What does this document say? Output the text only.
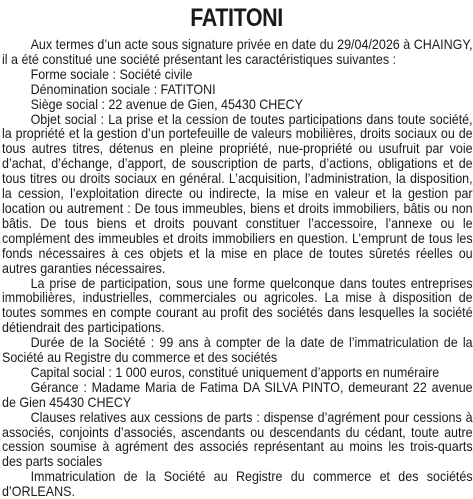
FATITONI

Aux termes d’un acte sous signature privée en date du 29/04/2026 à CHAINGY, il a été constitué une société présentant les caractéristiques suivantes :

Forme sociale : Société civile

Dénomination sociale : FATITONI

Siège social : 22 avenue de Gien, 45430 CHECY

Objet social : La prise et la cession de toutes participations dans toute société, la propriété et la gestion d’un portefeuille de valeurs mobilières, droits sociaux ou de tous autres titres, détenus en pleine propriété, nue-propriété ou usufruit par voie d’achat, d’échange, d’apport, de souscription de parts, d’actions, obligations et de tous titres ou droits sociaux en général. L’acquisition, l’administration, la disposition, la cession, l’exploitation directe ou indirecte, la mise en valeur et la gestion par location ou autrement : De tous immeubles, biens et droits immobiliers, bâtis ou non bâtis. De tous biens et droits pouvant constituer l’accessoire, l’annexe ou le complément des immeubles et droits immobiliers en question. L’emprunt de tous les fonds nécessaires à ces objets et la mise en place de toutes sûretés réelles ou autres garanties nécessaires.

La prise de participation, sous une forme quelconque dans toutes entreprises immobilières, industrielles, commerciales ou agricoles. La mise à disposition de toutes sommes en compte courant au profit des sociétés dans lesquelles la société détiendrait des participations.

Durée de la Société : 99 ans à compter de la date de l’immatriculation de la Société au Registre du commerce et des sociétés

Capital social : 1 000 euros, constitué uniquement d’apports en numéraire

Gérance : Madame Maria de Fatima DA SILVA PINTO, demeurant 22 avenue de Gien 45430 CHECY

Clauses relatives aux cessions de parts : dispense d’agrément pour cessions à associés, conjoints d’associés, ascendants ou descendants du cédant, toute autre cession soumise à agrément des associés représentant au moins les trois-quarts des parts sociales

Immatriculation de la Société au Registre du commerce et des sociétés d’ORLEANS.
